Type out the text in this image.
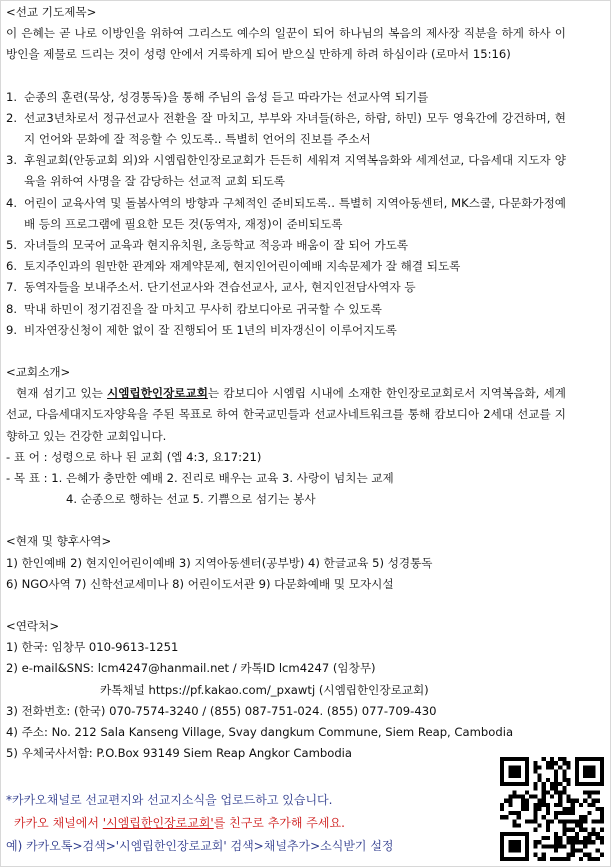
<선교 기도제목>

이 은혜는 곧 나로 이방인을 위하여 그리스도 예수의 일꾼이 되어 하나님의 복음의 제사장 직분을 하게 하사 이방인을 제물로 드리는 것이 성령 안에서 거룩하게 되어 받으실 만하게 하려 하심이라 (로마서 15:16)

1. 순종의 훈련(묵상, 성경통독)을 통해 주님의 음성 듣고 따라가는 선교사역 되기를
2. 선교3년차로서 정규선교사 전환을 잘 마치고, 부부와 자녀들(하은, 하람, 하민) 모두 영육간에 강건하며, 현지 언어와 문화에 잘 적응할 수 있도록.. 특별히 언어의 진보를 주소서
3. 후원교회(안동교회 외)와 시엠립한인장로교회가 든든히 세워져 지역복음화와 세계선교, 다음세대 지도자 양육을 위하여 사명을 잘 감당하는 선교적 교회 되도록
4. 어린이 교육사역 및 돌봄사역의 방향과 구체적인 준비되도록.. 특별히 지역아동센터, MK스쿨, 다문화가정예배 등의 프로그램에 필요한 모든 것(동역자, 재정)이 준비되도록
5. 자녀들의 모국어 교육과 현지유치원, 초등학교 적응과 배움이 잘 되어 가도록
6. 토지주인과의 원만한 관계와 재계약문제, 현지인어린이예배 지속문제가 잘 해결 되도록
7. 동역자들을 보내주소서. 단기선교사와 견습선교사, 교사, 현지인전담사역자 등
8. 막내 하민이 정기검진을 잘 마치고 무사히 캄보디아로 귀국할 수 있도록
9. 비자연장신청이 제한 없이 잘 진행되어 또 1년의 비자갱신이 이루어지도록

<교회소개>

현재 섬기고 있는 시엠립한인장로교회는 캄보디아 시엠립 시내에 소재한 한인장로교회로서 지역복음화, 세계선교, 다음세대지도자양육을 주된 목표로 하여 한국교민들과 선교사네트워크를 통해 캄보디아 2세대 선교를 지향하고 있는 건강한 교회입니다.

- 표 어 : 성령으로 하나 된 교회 (엡 4:3, 요17:21)

- 목 표 : 1. 은혜가 충만한 예배 2. 진리로 배우는 교육 3. 사랑이 넘치는 교제

4. 순종으로 행하는 선교 5. 기쁨으로 섬기는 봉사

<현재 및 향후사역>

1) 한인예배 2) 현지인어린이예배 3) 지역아동센터(공부방) 4) 한글교육 5) 성경통독

6) NGO사역 7) 신학선교세미나 8) 어린이도서관 9) 다문화예배 및 모자시설

<연락처>

1) 한국: 임창무 010-9613-1251

2) e-mail&SNS: lcm4247@hanmail.net / 카톡ID lcm4247 (임창무)

카톡채널 https://pf.kakao.com/_pxawtj (시엠립한인장로교회)

3) 전화번호: (한국) 070-7574-3240 / (855) 087-751-024. (855) 077-709-430

4) 주소: No. 212 Sala Kanseng Village, Svay dangkum Commune, Siem Reap, Cambodia

5) 우체국사서함: P.O.Box 93149 Siem Reap Angkor Cambodia

*카카오채널로 선교편지와 선교지소식을 업로드하고 있습니다.
카카오 채널에서 '시엠립한인장로교회'를 친구로 추가해 주세요.
예) 카카오톡>검색>'시엠립한인장로교회' 검색>채널추가>소식받기 설정
